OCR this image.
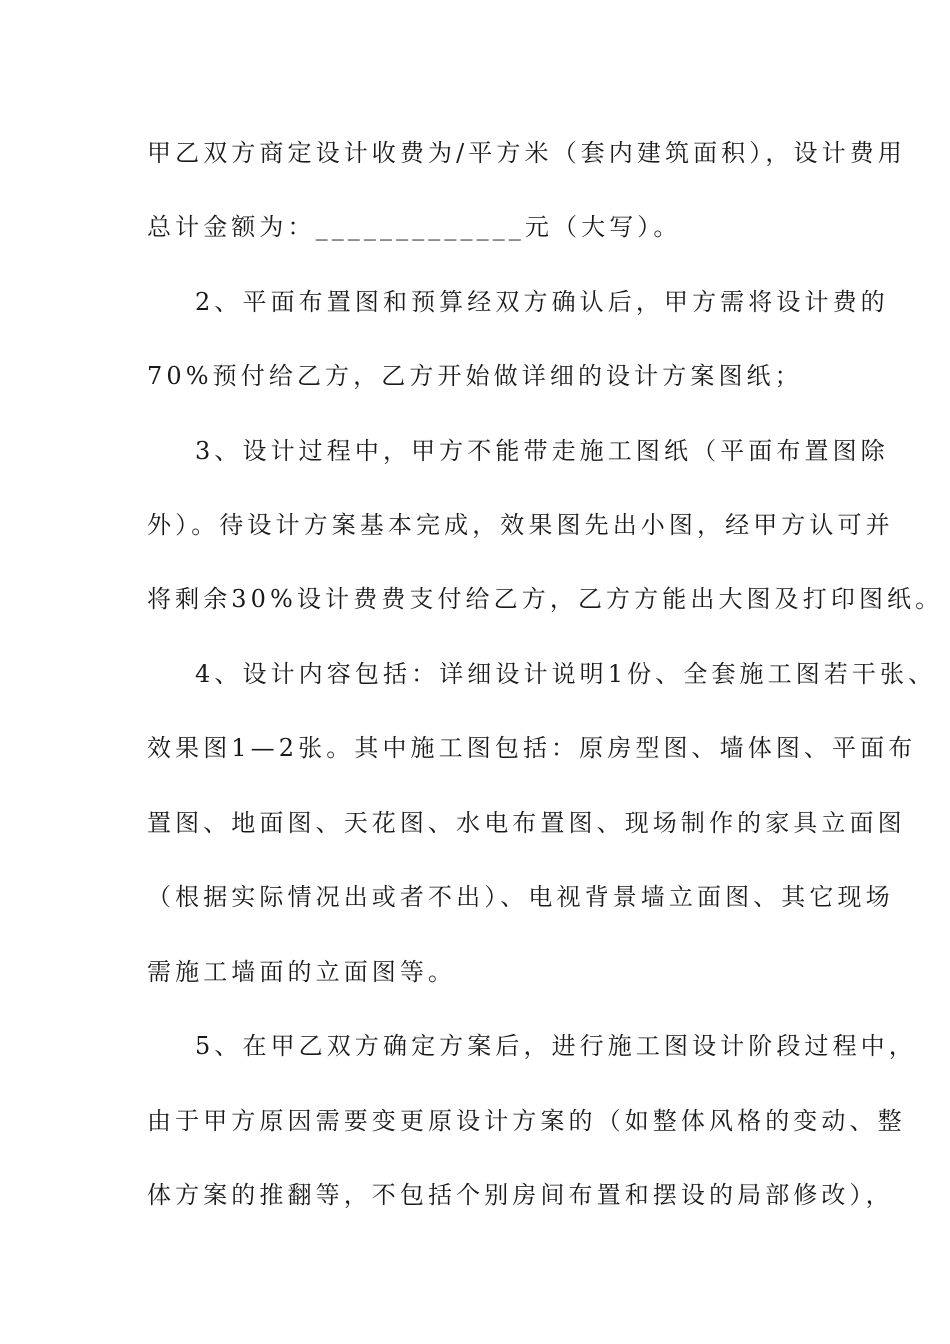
甲乙双方商定设计收费为/平方米（套内建筑面积），设计费用
总计金额为：_____________元（大写）。
2、平面布置图和预算经双方确认后，甲方需将设计费的
70%预付给乙方，乙方开始做详细的设计方案图纸；
3、设计过程中，甲方不能带走施工图纸（平面布置图除
外）。待设计方案基本完成，效果图先出小图，经甲方认可并
将剩余30%设计费费支付给乙方，乙方方能出大图及打印图纸。
4、设计内容包括：详细设计说明1份、全套施工图若干张、
效果图1—2张。其中施工图包括：原房型图、墙体图、平面布
置图、地面图、天花图、水电布置图、现场制作的家具立面图
（根据实际情况出或者不出）、电视背景墙立面图、其它现场
需施工墙面的立面图等。
5、在甲乙双方确定方案后，进行施工图设计阶段过程中，
由于甲方原因需要变更原设计方案的（如整体风格的变动、整
体方案的推翻等，不包括个别房间布置和摆设的局部修改），
